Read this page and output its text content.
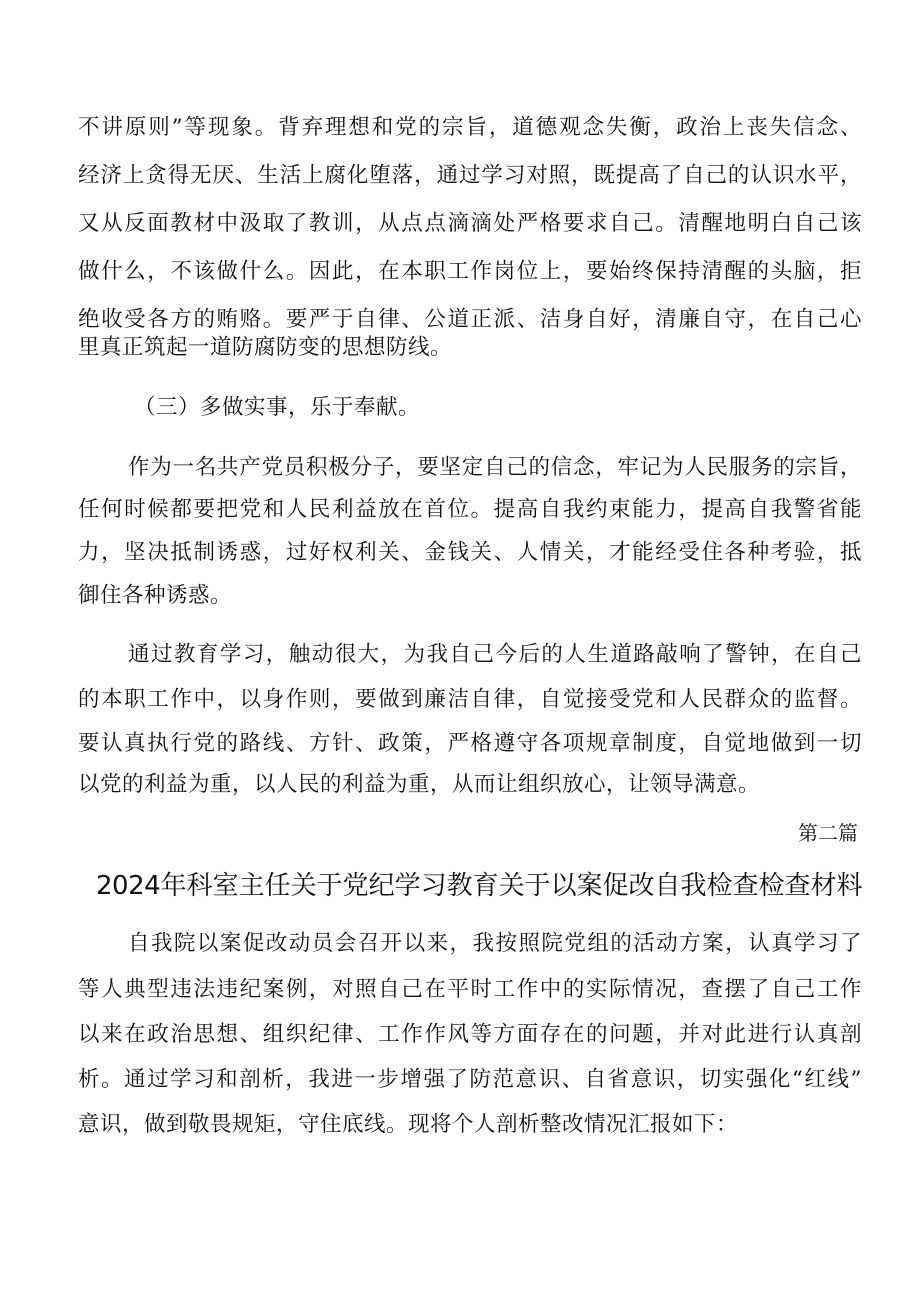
不讲原则”等现象。背弃理想和党的宗旨，道德观念失衡，政治上丧失信念、
经济上贪得无厌、生活上腐化堕落，通过学习对照，既提高了自己的认识水平，
又从反面教材中汲取了教训，从点点滴滴处严格要求自己。清醒地明白自己该
做什么，不该做什么。因此，在本职工作岗位上，要始终保持清醒的头脑，拒
绝收受各方的贿赂。要严于自律、公道正派、洁身自好，清廉自守，在自己心
里真正筑起一道防腐防变的思想防线。
（三）多做实事，乐于奉献。
作为一名共产党员积极分子，要坚定自己的信念，牢记为人民服务的宗旨，
任何时候都要把党和人民利益放在首位。提高自我约束能力，提高自我警省能
力，坚决抵制诱惑，过好权利关、金钱关、人情关，才能经受住各种考验，抵
御住各种诱惑。
通过教育学习，触动很大，为我自己今后的人生道路敲响了警钟，在自己
的本职工作中，以身作则，要做到廉洁自律，自觉接受党和人民群众的监督。
要认真执行党的路线、方针、政策，严格遵守各项规章制度，自觉地做到一切
以党的利益为重，以人民的利益为重，从而让组织放心，让领导满意。
第二篇
2024年科室主任关于党纪学习教育关于以案促改自我检查检查材料
自我院以案促改动员会召开以来，我按照院党组的活动方案，认真学习了
等人典型违法违纪案例，对照自己在平时工作中的实际情况，查摆了自己工作
以来在政治思想、组织纪律、工作作风等方面存在的问题，并对此进行认真剖
析。通过学习和剖析，我进一步增强了防范意识、自省意识，切实强化“红线”
意识，做到敬畏规矩，守住底线。现将个人剖析整改情况汇报如下：
